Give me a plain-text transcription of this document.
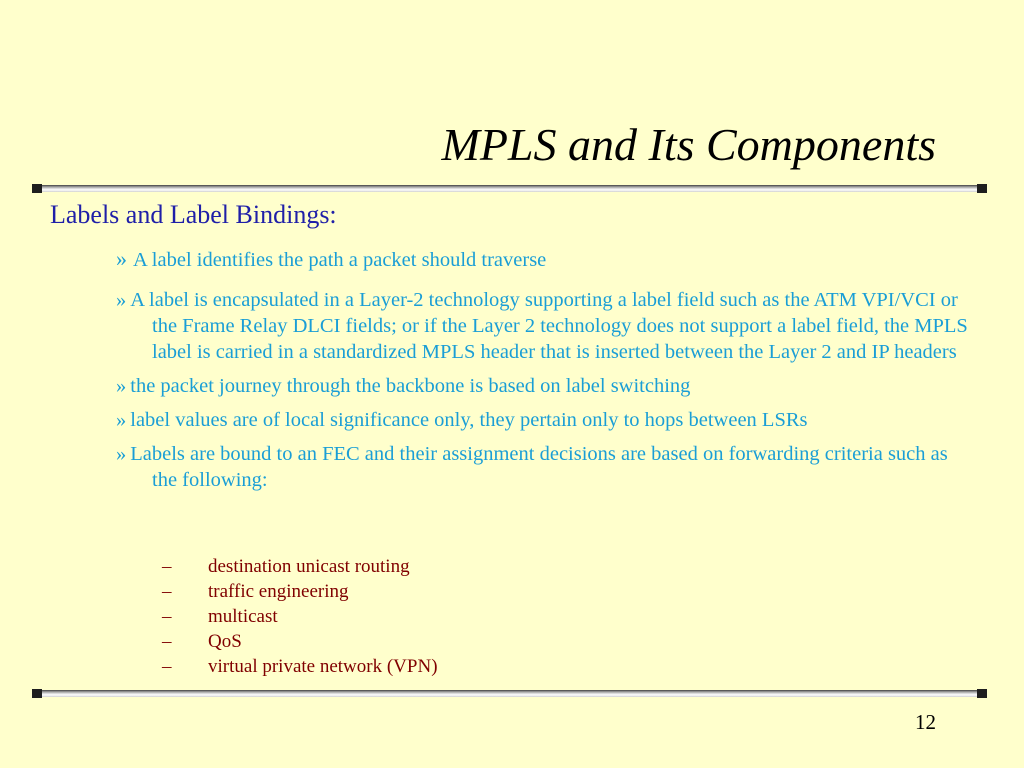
MPLS and Its Components
Labels and Label Bindings:
» A label identifies the path a packet should traverse
» A label is encapsulated in a Layer-2 technology supporting a label field such as the ATM VPI/VCI or the Frame Relay DLCI fields; or if the Layer 2 technology does not support a label field, the MPLS label is carried in a standardized MPLS header that is inserted between the Layer 2 and IP headers
» the packet journey through the backbone is based on label switching
» label values are of local significance only, they pertain only to hops between LSRs
» Labels are bound to an FEC and their assignment decisions are based on forwarding criteria such as the following:
– destination unicast routing
– traffic engineering
– multicast
– QoS
– virtual private network (VPN)
12
